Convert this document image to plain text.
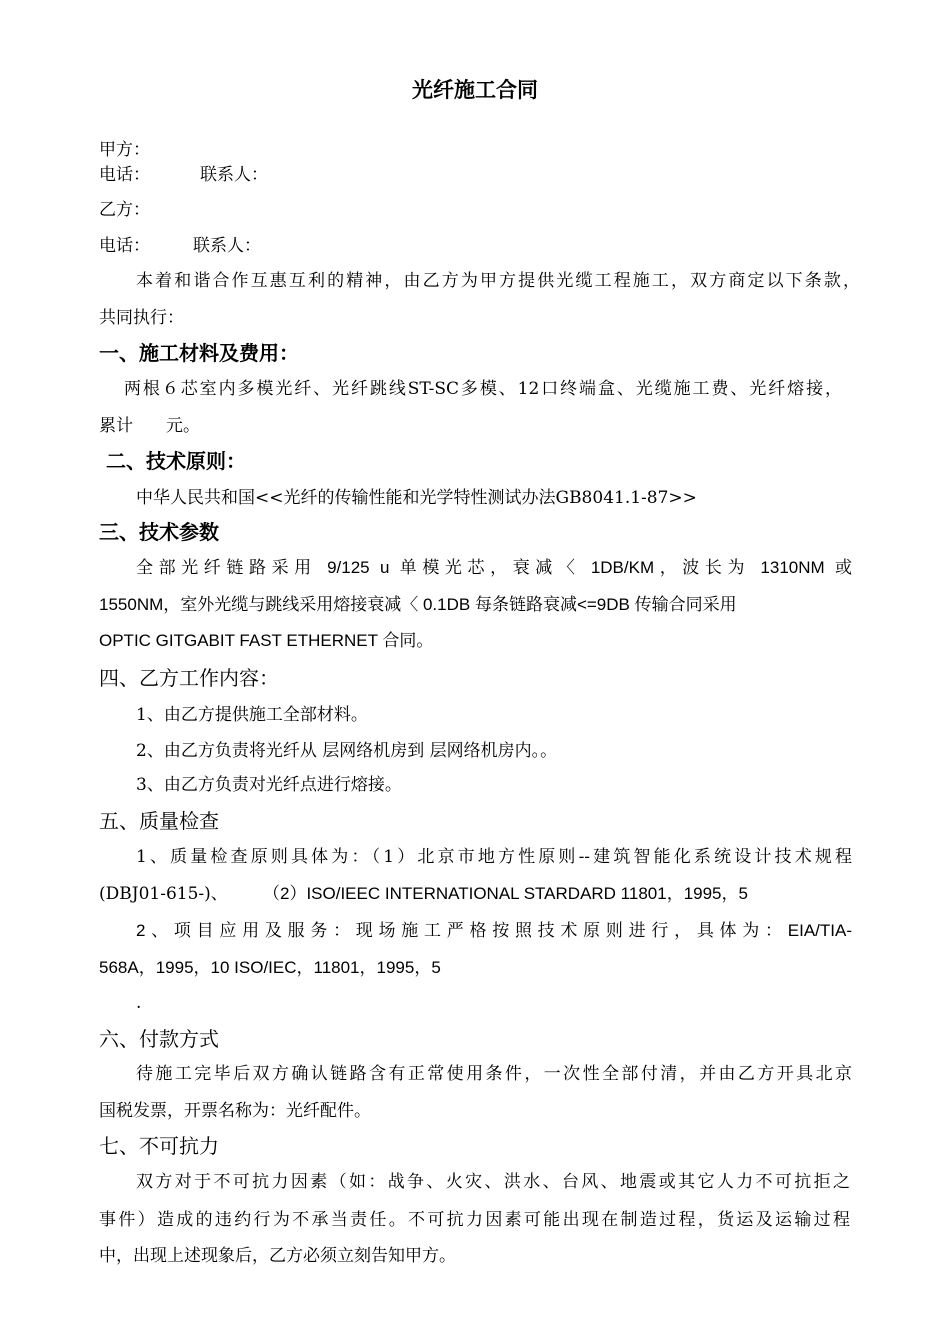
光纤施工合同
甲方：
电话：	联系人：
乙方：
电话：	联系人：
本着和谐合作互惠互利的精神，由乙方为甲方提供光缆工程施工，双方商定以下条款，
共同执行：
一、施工材料及费用：
两根６芯室内多模光纤、光纤跳线ST-SC多模、12口终端盒、光缆施工费、光纤熔接，
累计 元。
二、技术原则：
中华人民共和国<<光纤的传输性能和光学特性测试办法GB8041.1-87>>
三、技术参数
全部光纤链路采用 9/125 u 单模光芯，衰减〈 1DB/KM，波长为 1310NM 或
1550NM，室外光缆与跳线采用熔接衰减〈 0.1DB 每条链路衰减<=9DB 传输合同采用
OPTIC GITGABIT FAST ETHERNET 合同。
四、乙方工作内容：
1、由乙方提供施工全部材料。
2、由乙方负责将光纤从 层网络机房到 层网络机房内。。
3、由乙方负责对光纤点进行熔接。
五、质量检查
1、质量检查原则具体为：（1）北京市地方性原则--建筑智能化系统设计技术规程
(DBJ01-615-)、 （2）ISO/IEEC INTERNATIONAL STARDARD 11801，1995，5
2、项目应用及服务：现场施工严格按照技术原则进行，具体为：EIA/TIA-
568A，1995，10 ISO/IEC，11801，1995，5
.
六、付款方式
待施工完毕后双方确认链路含有正常使用条件，一次性全部付清，并由乙方开具北京
国税发票，开票名称为：光纤配件。
七、不可抗力
双方对于不可抗力因素（如：战争、火灾、洪水、台风、地震或其它人力不可抗拒之
事件）造成的违约行为不承当责任。不可抗力因素可能出现在制造过程，货运及运输过程
中，出现上述现象后，乙方必须立刻告知甲方。
